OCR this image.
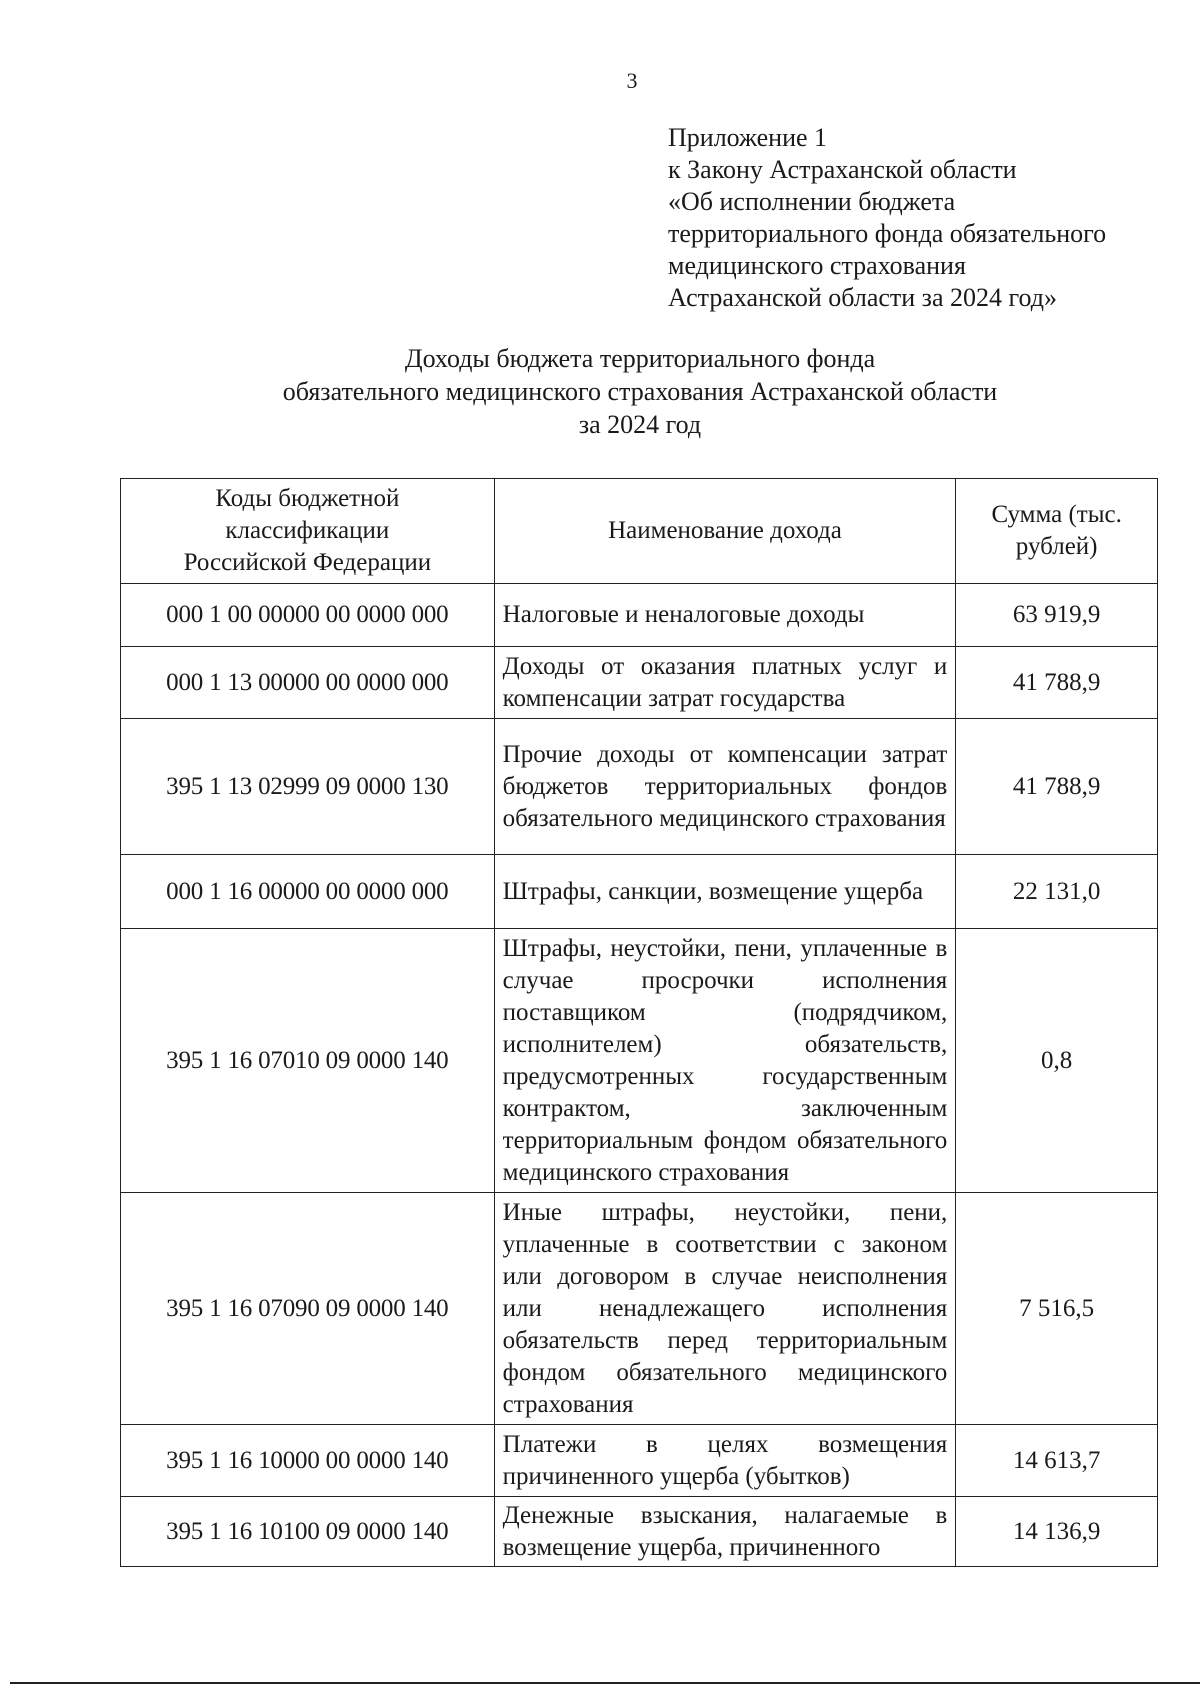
3
Приложение 1
к Закону Астраханской области
«Об исполнении бюджета
территориального фонда обязательного
медицинского страхования
Астраханской области за 2024 год»
Доходы бюджета территориального фонда
обязательного медицинского страхования Астраханской области
за 2024 год
Коды бюджетной классификации Российской Федерации	Наименование дохода	Сумма (тыс. рублей)
000 1 00 00000 00 0000 000	Налоговые и неналоговые доходы	63 919,9
000 1 13 00000 00 0000 000	Доходы от оказания платных услуг и компенсации затрат государства	41 788,9
395 1 13 02999 09 0000 130	Прочие доходы от компенсации затрат бюджетов территориальных фондов обязательного медицинского страхования	41 788,9
000 1 16 00000 00 0000 000	Штрафы, санкции, возмещение ущерба	22 131,0
395 1 16 07010 09 0000 140	Штрафы, неустойки, пени, уплаченные в случае просрочки исполнения поставщиком (подрядчиком, исполнителем) обязательств, предусмотренных государственным контрактом, заключенным территориальным фондом обязательного медицинского страхования	0,8
395 1 16 07090 09 0000 140	Иные штрафы, неустойки, пени, уплаченные в соответствии с законом или договором в случае неисполнения или ненадлежащего исполнения обязательств перед территориальным фондом обязательного медицинского страхования	7 516,5
395 1 16 10000 00 0000 140	Платежи в целях возмещения причиненного ущерба (убытков)	14 613,7
395 1 16 10100 09 0000 140	Денежные взыскания, налагаемые в возмещение ущерба, причиненного	14 136,9
